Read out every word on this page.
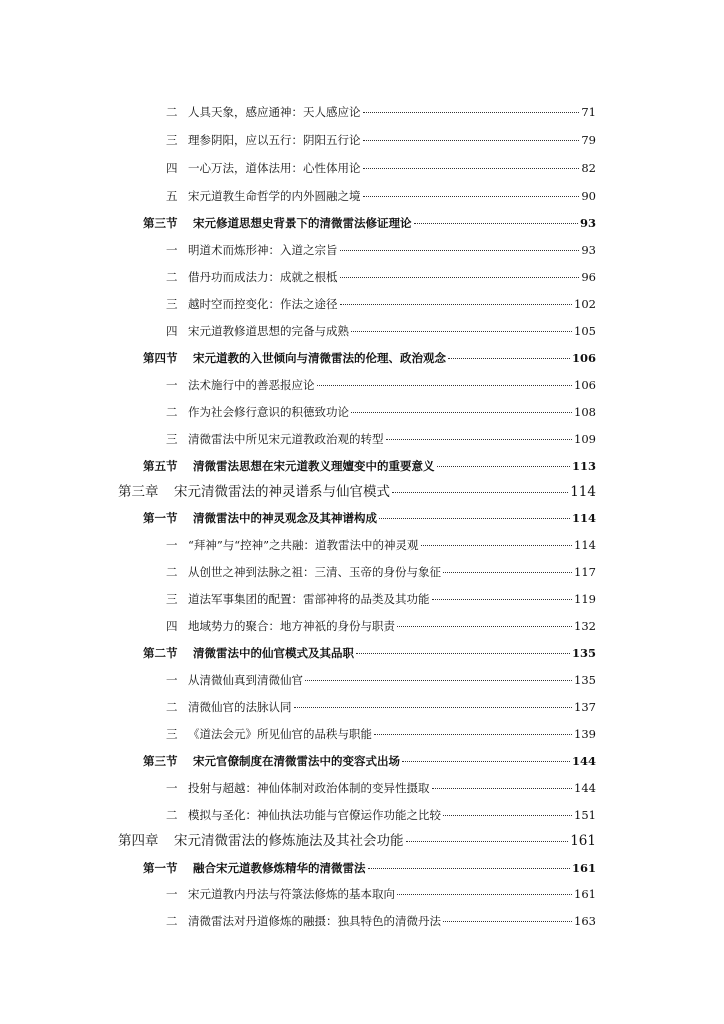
二 人具天象，感应通神：天人感应论	71
三 理参阴阳，应以五行：阴阳五行论	79
四 一心万法，道体法用：心性体用论	82
五 宋元道教生命哲学的内外圆融之境	90
第三节	宋元修道思想史背景下的清微雷法修证理论	93
一 明道术而炼形神：入道之宗旨	93
二 借丹功而成法力：成就之根柢	96
三 越时空而控变化：作法之途径	102
四 宋元道教修道思想的完备与成熟	105
第四节	宋元道教的入世倾向与清微雷法的伦理、政治观念	106
一 法术施行中的善恶报应论	106
二 作为社会修行意识的积德致功论	108
三 清微雷法中所见宋元道教政治观的转型	109
第五节	清微雷法思想在宋元道教义理嬗变中的重要意义	113
第三章	宋元清微雷法的神灵谱系与仙官模式	114
第一节	清微雷法中的神灵观念及其神谱构成	114
一 “拜神”与“控神”之共融：道教雷法中的神灵观	114
二 从创世之神到法脉之祖：三清、玉帝的身份与象征	117
三 道法军事集团的配置：雷部神将的品类及其功能	119
四 地域势力的聚合：地方神祇的身份与职责	132
第二节	清微雷法中的仙官模式及其品职	135
一 从清微仙真到清微仙官	135
二 清微仙官的法脉认同	137
三 《道法会元》所见仙官的品秩与职能	139
第三节	宋元官僚制度在清微雷法中的变容式出场	144
一 投射与超越：神仙体制对政治体制的变异性摄取	144
二 模拟与圣化：神仙执法功能与官僚运作功能之比较	151
第四章	宋元清微雷法的修炼施法及其社会功能	161
第一节	融合宋元道教修炼精华的清微雷法	161
一 宋元道教内丹法与符箓法修炼的基本取向	161
二 清微雷法对丹道修炼的融摄：独具特色的清微丹法	163
